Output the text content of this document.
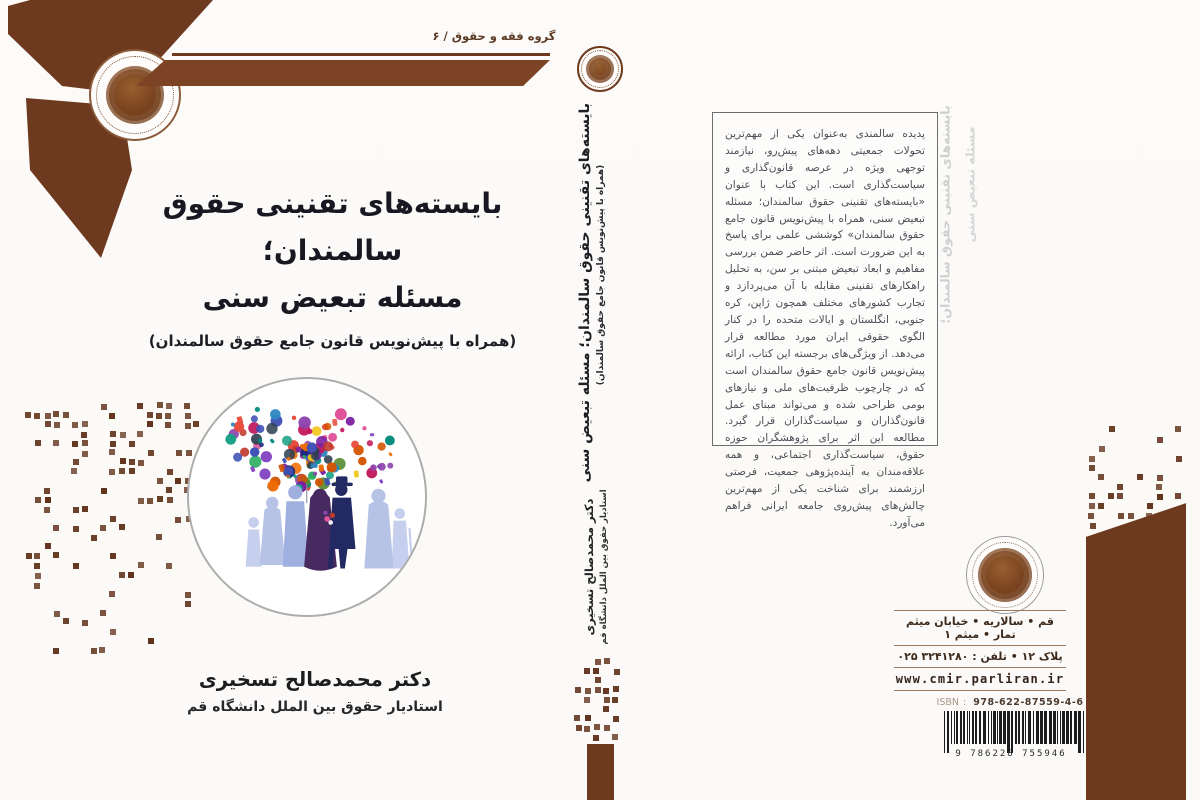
گروه فقه و حقوق / ۶
بایسته‌های تقنینی حقوق سالمندان؛
مسئله تبعیض سنی
(همراه با پیش‌نویس قانون جامع حقوق سالمندان)
دکتر محمدصالح تسخیری
استادیار حقوق بین الملل دانشگاه قم
بایسته‌های تقنینی حقوق سالمندان؛ مسئله تبعیض سنی (همراه با پیش‌نویس قانون جامع حقوق سالمندان)
دکتر محمدصالح تسخیری استادیار حقوق بین الملل دانشگاه قم

پدیده سالمندی به‌عنوان یکی از مهم‌ترین تحولات جمعیتی دهه‌های پیش‌رو، نیازمند توجهی ویژه در عرصه قانون‌گذاری و سیاست‌گذاری است. این کتاب با عنوان «بایسته‌های تقنینی حقوق سالمندان؛ مسئله تبعیض سنی، همراه با پیش‌نویس قانون جامع حقوق سالمندان» کوششی علمی برای پاسخ به این ضرورت است. اثر حاضر ضمن بررسی مفاهیم و ابعاد تبعیض مبتنی بر سن، به تحلیل راهکارهای تقنینی مقابله با آن می‌پردازد و تجارب کشورهای مختلف همچون ژاپن، کره جنوبی، انگلستان و ایالات متحده را در کنار الگوی حقوقی ایران مورد مطالعه قرار می‌دهد. از ویژگی‌های برجسته این کتاب، ارائه پیش‌نویس قانون جامع حقوق سالمندان است که در چارچوب ظرفیت‌های ملی و نیازهای بومی طراحی شده و می‌تواند مبنای عمل قانون‌گذاران و سیاست‌گذاران قرار گیرد. مطالعه این اثر برای پژوهشگران حوزه حقوق، سیاست‌گذاری اجتماعی، و همه علاقه‌مندان به آینده‌پژوهی جمعیت، فرصتی ارزشمند برای شناخت یکی از مهم‌ترین چالش‌های پیش‌روی جامعه ایرانی فراهم می‌آورد.

بایسته‌های تقنینی حقوق سالمندان؛ مسئله تبعیض سنی
قم • سالاریه • خیابان میثم تمار • میثم ۱
پلاک ۱۲ • تلفن : ۳۲۴۱۲۸۰ ۰۲۵
www.cmir.parliran.ir
ISBN : 978-622-87559-4-6
9 786228 755946
